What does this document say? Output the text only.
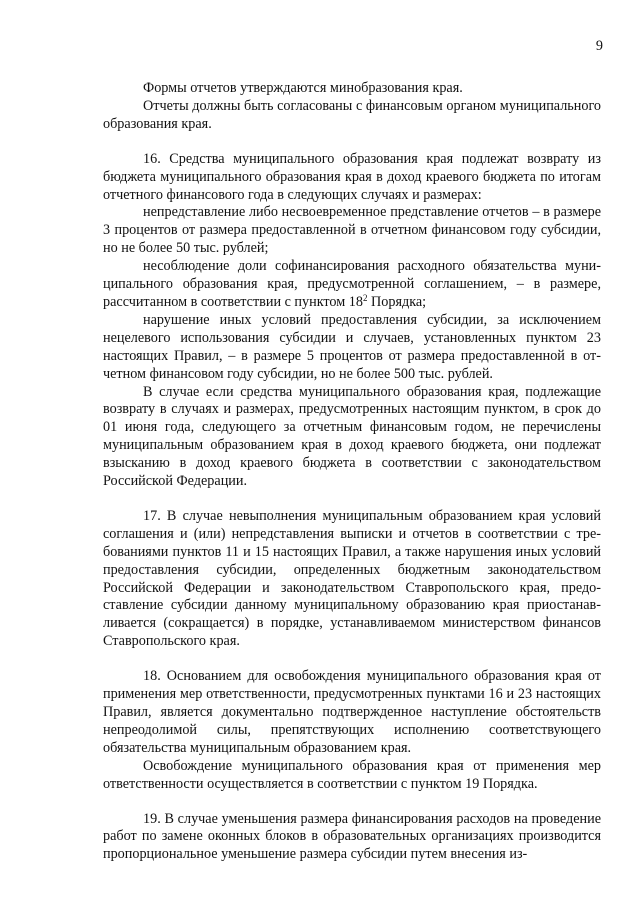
9

Формы отчетов утверждаются минобразования края.

Отчеты должны быть согласованы с финансовым органом муниципального образования края.

16. Средства муниципального образования края подлежат возврату из бюджета муниципального образования края в доход краевого бюджета по итогам отчетного финансового года в следующих случаях и размерах:

непредставление либо несвоевременное представление отчетов – в размере 3 процентов от размера предоставленной в отчетном финансовом году субсидии, но не более 50 тыс. рублей;

несоблюдение доли софинансирования расходного обязательства муниципального образования края, предусмотренной соглашением, – в размере, рассчитанном в соответствии с пунктом $18^2$ Порядка;

нарушение иных условий предоставления субсидии, за исключением нецелевого использования субсидии и случаев, установленных пунктом 23 настоящих Правил, – в размере 5 процентов от размера предоставленной в отчетном финансовом году субсидии, но не более 500 тыс. рублей.

В случае если средства муниципального образования края, подлежащие возврату в случаях и размерах, предусмотренных настоящим пунктом, в срок до 01 июня года, следующего за отчетным финансовым годом, не перечислены муниципальным образованием края в доход краевого бюджета, они подлежат взысканию в доход краевого бюджета в соответствии с законодательством Российской Федерации.

17. В случае невыполнения муниципальным образованием края условий соглашения и (или) непредставления выписки и отчетов в соответствии с требованиями пунктов 11 и 15 настоящих Правил, а также нарушения иных условий предоставления субсидии, определенных бюджетным законодательством Российской Федерации и законодательством Ставропольского края, предоставление субсидии данному муниципальному образованию края приостанавливается (сокращается) в порядке, устанавливаемом министерством финансов Ставропольского края.

18. Основанием для освобождения муниципального образования края от применения мер ответственности, предусмотренных пунктами 16 и 23 настоящих Правил, является документально подтвержденное наступление обстоятельств непреодолимой силы, препятствующих исполнению соответствующего обязательства муниципальным образованием края.

Освобождение муниципального образования края от применения мер ответственности осуществляется в соответствии с пунктом 19 Порядка.

19. В случае уменьшения размера финансирования расходов на проведение работ по замене оконных блоков в образовательных организациях производится пропорциональное уменьшение размера субсидии путем внесения из-
